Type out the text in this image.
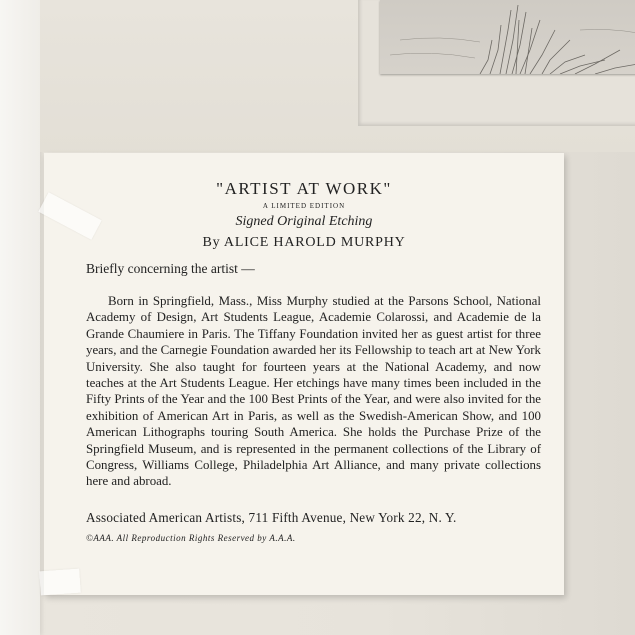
"ARTIST AT WORK"
A LIMITED EDITION
Signed Original Etching
By ALICE HAROLD MURPHY
Briefly concerning the artist —
Born in Springfield, Mass., Miss Murphy studied at the Parsons School, National Academy of Design, Art Students League, Academie Colarossi, and Academie de la Grande Chaumiere in Paris. The Tiffany Foundation invited her as guest artist for three years, and the Carnegie Foundation awarded her its Fellowship to teach art at New York University. She also taught for fourteen years at the National Academy, and now teaches at the Art Students League. Her etchings have many times been included in the Fifty Prints of the Year and the 100 Best Prints of the Year, and were also invited for the exhibition of American Art in Paris, as well as the Swedish-American Show, and 100 American Lithographs touring South America. She holds the Purchase Prize of the Springfield Museum, and is represented in the permanent collections of the Library of Congress, Williams College, Philadelphia Art Alliance, and many private collections here and abroad.
Associated American Artists, 711 Fifth Avenue, New York 22, N. Y.
©AAA. All Reproduction Rights Reserved by A.A.A.
